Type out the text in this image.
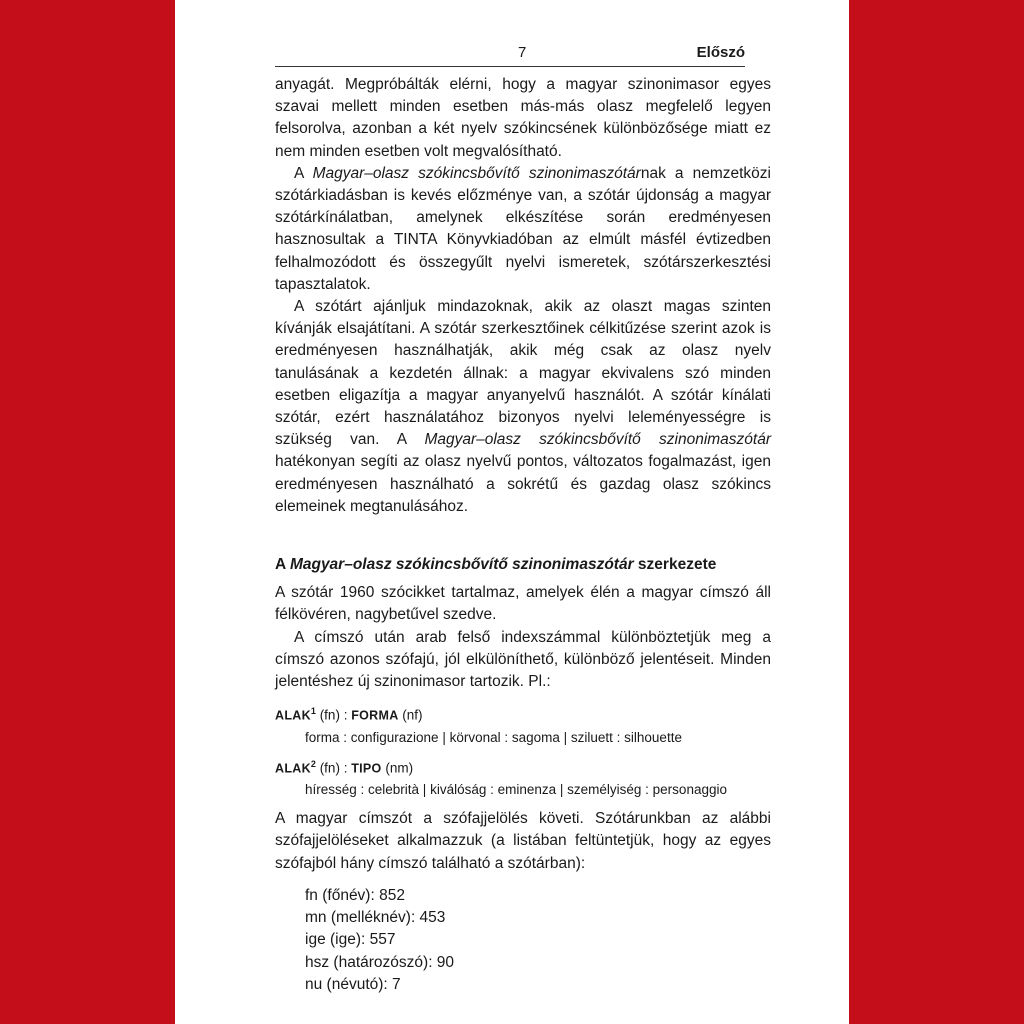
7	Előszó

anyagát. Megpróbálták elérni, hogy a magyar szinonimasor egyes szavai mellett minden esetben más-más olasz megfelelő legyen felsorolva, azonban a két nyelv szókincsének különbözősége miatt ez nem minden esetben volt megvalósítható.

A Magyar–olasz szókincsbővítő szinonimaszótárnak a nemzetközi szótárkiadásban is kevés előzménye van, a szótár újdonság a magyar szótárkínálatban, amelynek elkészítése során eredményesen hasznosultak a TINTA Könyvkiadóban az elmúlt másfél évtizedben felhalmozódott és összegyűlt nyelvi ismeretek, szótárszerkesztési tapasztalatok.

A szótárt ajánljuk mindazoknak, akik az olaszt magas szinten kívánják elsajátítani. A szótár szerkesztőinek célkitűzése szerint azok is eredményesen használhatják, akik még csak az olasz nyelv tanulásának a kezdetén állnak: a magyar ekvivalens szó minden esetben eligazítja a magyar anyanyelvű használót. A szótár kínálati szótár, ezért használatához bizonyos nyelvi leleményességre is szükség van. A Magyar–olasz szókincsbővítő szinonimaszótár hatékonyan segíti az olasz nyelvű pontos, változatos fogalmazást, igen eredményesen használható a sokrétű és gazdag olasz szókincs elemeinek megtanulásához.

A Magyar–olasz szókincsbővítő szinonimaszótár szerkezete

A szótár 1960 szócikket tartalmaz, amelyek élén a magyar címszó áll félkövéren, nagybetűvel szedve.

A címszó után arab felső indexszámmal különböztetjük meg a címszó azonos szófajú, jól elkülöníthető, különböző jelentéseit. Minden jelentéshez új szinonimasor tartozik. Pl.:

ALAK$^1$ (fn) : FORMA (nf)
forma : configurazione | körvonal : sagoma | sziluett : silhouette
ALAK$^2$ (fn) : TIPO (nm)
híresség : celebrità | kiválóság : eminenza | személyiség : personaggio

A magyar címszót a szófajjelölés követi. Szótárunkban az alábbi szófajjelöléseket alkalmazzuk (a listában feltüntetjük, hogy az egyes szófajból hány címszó található a szótárban):

fn (főnév): 852
mn (melléknév): 453
ige (ige): 557
hsz (határozószó): 90
nu (névutó): 7
